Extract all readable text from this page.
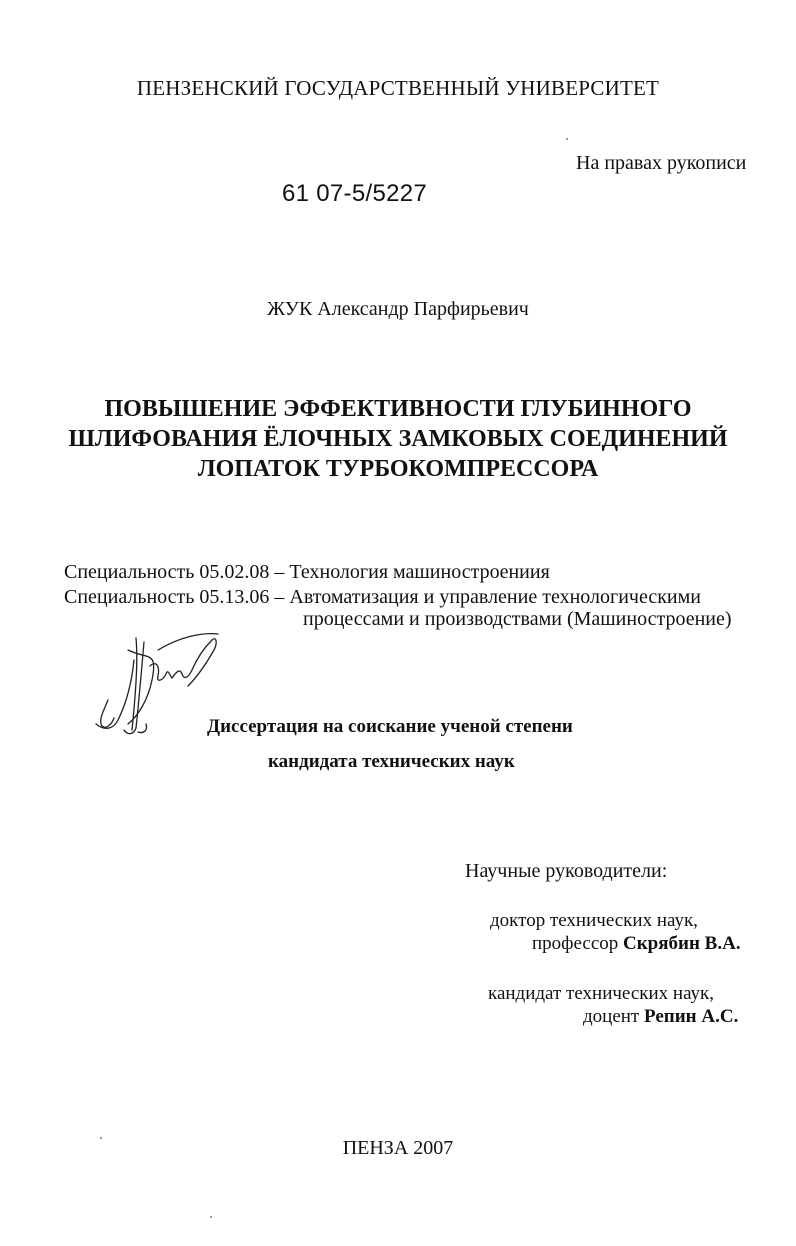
ПЕНЗЕНСКИЙ ГОСУДАРСТВЕННЫЙ УНИВЕРСИТЕТ
На правах рукописи
61 07-5/5227
ЖУК Александр Парфирьевич
ПОВЫШЕНИЕ ЭФФЕКТИВНОСТИ ГЛУБИННОГО
ШЛИФОВАНИЯ ЁЛОЧНЫХ ЗАМКОВЫХ СОЕДИНЕНИЙ
ЛОПАТОК ТУРБОКОМПРЕССОРА
Специальность 05.02.08 – Технология машинострoениия
Специальность 05.13.06 – Автоматизация и управление технологическими
процессами и производствами (Машиностроение)
Диссертация на соискание ученой степени
кандидата технических наук
Научные руководители:
доктор технических наук,
профессор Скрябин В.А.
кандидат технических наук,
доцент Репин А.С.
ПЕНЗА 2007
